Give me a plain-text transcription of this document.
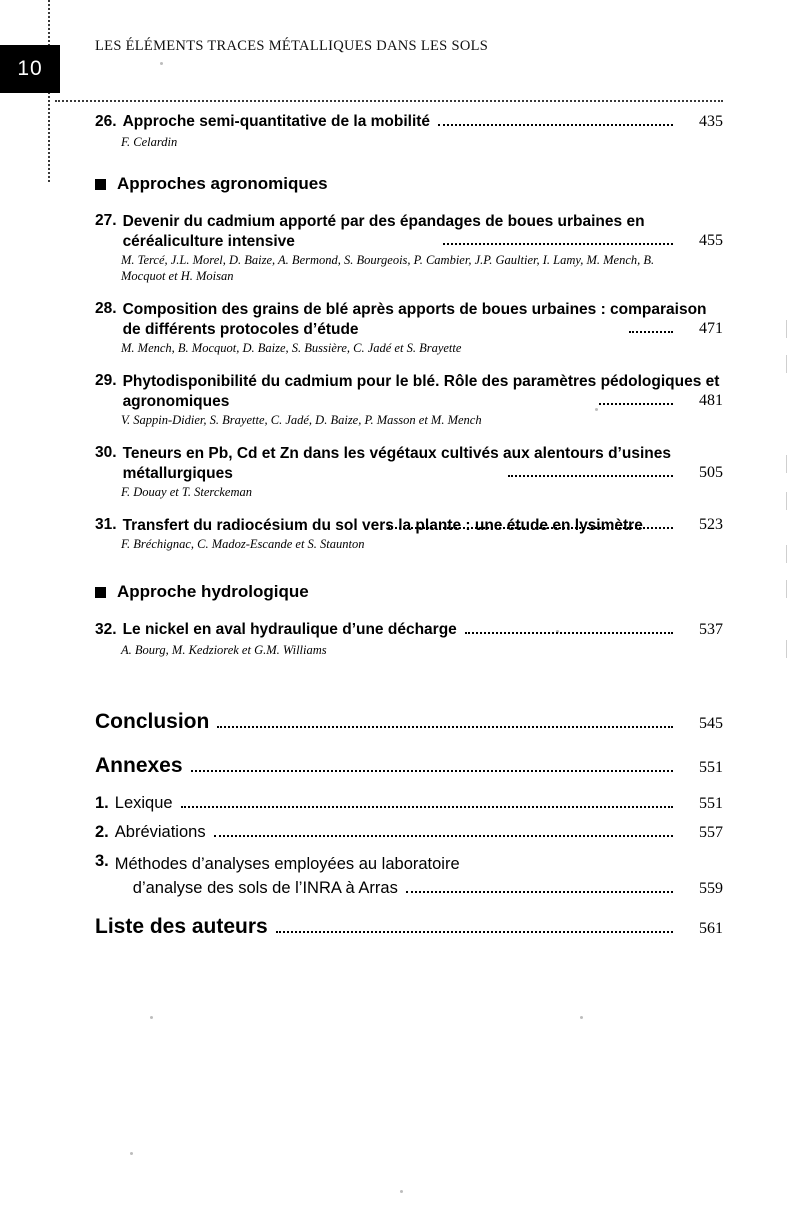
10
LES ÉLÉMENTS TRACES MÉTALLIQUES DANS LES SOLS
26. Approche semi-quantitative de la mobilité	435
F. Celardin
Approches agronomiques
27. Devenir du cadmium apporté par des épandages de boues urbaines en céréaliculture intensive	455
M. Tercé, J.L. Morel, D. Baize, A. Bermond, S. Bourgeois, P. Cambier, J.P. Gaultier, I. Lamy, M. Mench, B. Mocquot et H. Moisan
28. Composition des grains de blé après apports de boues urbaines : comparaison de différents protocoles d’étude	471
M. Mench, B. Mocquot, D. Baize, S. Bussière, C. Jadé et S. Brayette
29. Phytodisponibilité du cadmium pour le blé. Rôle des paramètres pédologiques et agronomiques	481
V. Sappin-Didier, S. Brayette, C. Jadé, D. Baize, P. Masson et M. Mench
30. Teneurs en Pb, Cd et Zn dans les végétaux cultivés aux alentours d’usines métallurgiques	505
F. Douay et T. Sterckeman
31. Transfert du radiocésium du sol vers la plante : une étude en lysimètre	523
F. Bréchignac, C. Madoz-Escande et S. Staunton
Approche hydrologique
32. Le nickel en aval hydraulique d’une décharge	537
A. Bourg, M. Kedziorek et G.M. Williams
Conclusion	545
Annexes	551
1. Lexique	551
2. Abréviations	557
3. Méthodes d’analyses employées au laboratoire

d’analyse des sols de l’INRA à Arras	559
Liste des auteurs	561
